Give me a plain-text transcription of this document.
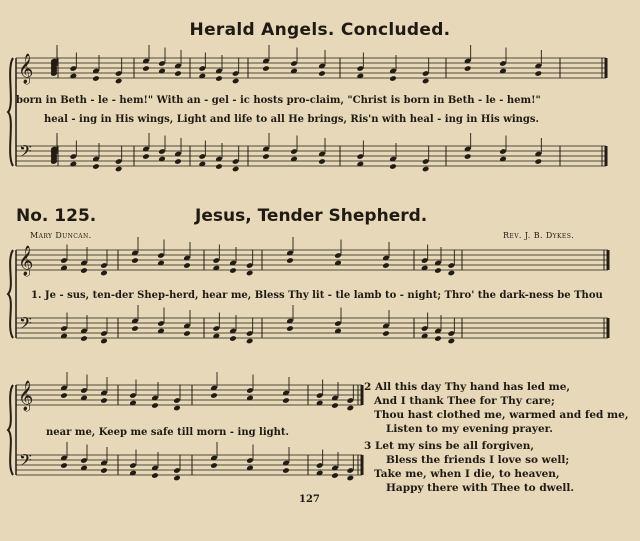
𝄞
𝄢
𝄞
𝄢
𝄞
𝄢
Herald Angels. Concluded.
born in Beth - le - hem!" With an - gel - ic hosts pro-claim, "Christ is born in Beth - le - hem!"
heal - ing in His wings, Light and life to all He brings, Ris'n with heal - ing in His wings.
No. 125.	Jesus, Tender Shepherd.
Mary Duncan.	Rev. J. B. Dykes.
1. Je - sus, ten-der Shep-herd, hear me, Bless Thy lit - tle lamb to - night; Thro' the dark-ness be Thou
near me, Keep me safe till morn - ing light.
2 All this day Thy hand has led me,
And I thank Thee for Thy care;
Thou hast clothed me, warmed and fed me,
Listen to my evening prayer.
3 Let my sins be all forgiven,
Bless the friends I love so well;
Take me, when I die, to heaven,
Happy there with Thee to dwell.
127
